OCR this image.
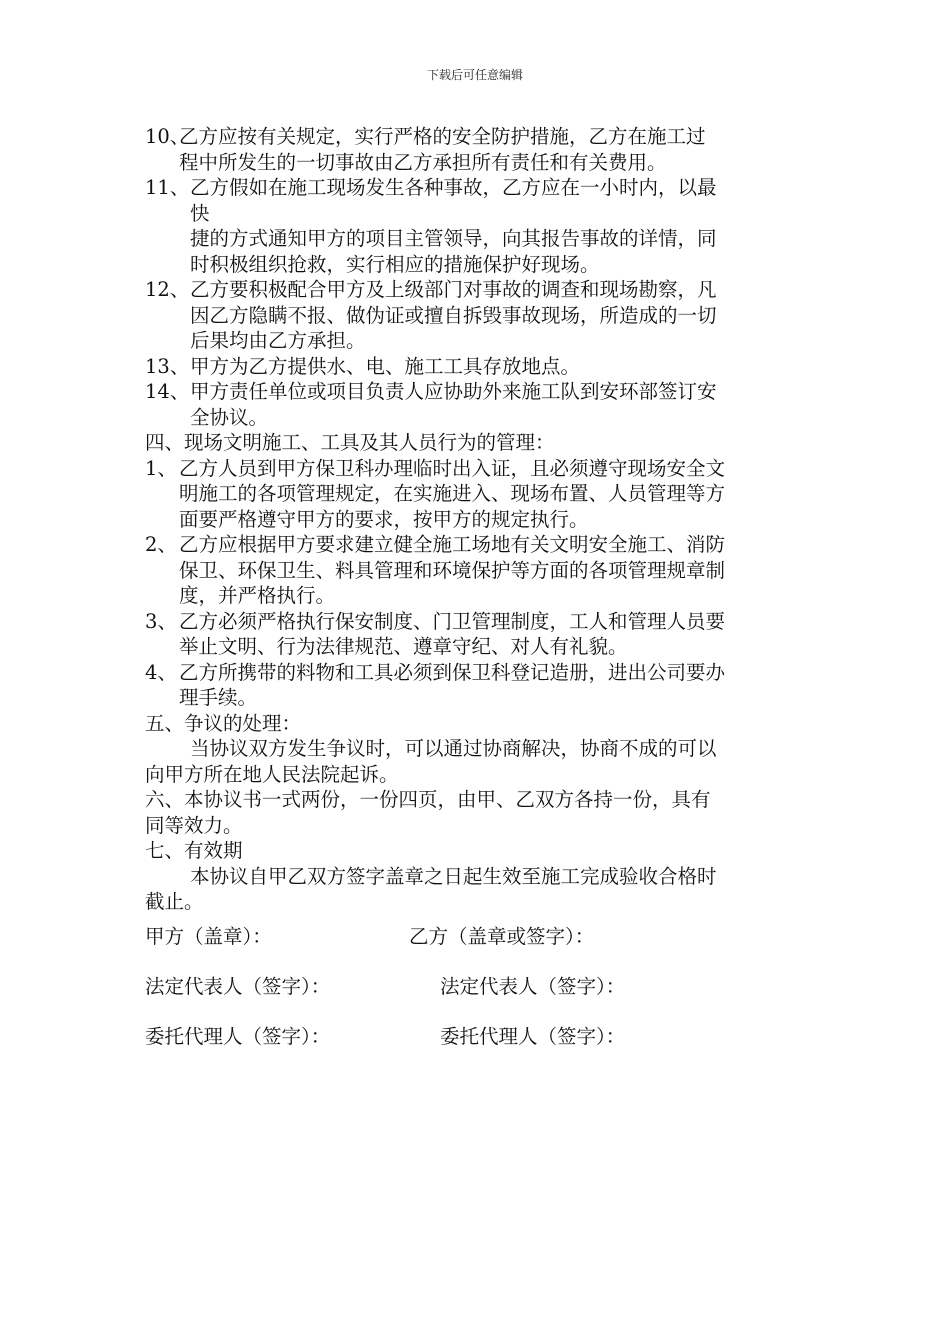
下载后可任意编辑
10、
乙方应按有关规定，实行严格的安全防护措施，乙方在施工过
程中所发生的一切事故由乙方承担所有责任和有关费用。
11、 乙方假如在施工现场发生各种事故，乙方应在一小时内，以最
快
捷的方式通知甲方的项目主管领导，向其报告事故的详情，同
时积极组织抢救，实行相应的措施保护好现场。
12、 乙方要积极配合甲方及上级部门对事故的调查和现场勘察，凡
因乙方隐瞒不报、做伪证或擅自拆毁事故现场，所造成的一切
后果均由乙方承担。
13、 甲方为乙方提供水、电、施工工具存放地点。
14、 甲方责任单位或项目负责人应协助外来施工队到安环部签订安
全协议。
四、现场文明施工、工具及其人员行为的管理：
1、 乙方人员到甲方保卫科办理临时出入证，且必须遵守现场安全文
明施工的各项管理规定，在实施进入、现场布置、人员管理等方
面要严格遵守甲方的要求，按甲方的规定执行。
2、 乙方应根据甲方要求建立健全施工场地有关文明安全施工、消防
保卫、环保卫生、料具管理和环境保护等方面的各项管理规章制
度，并严格执行。
3、 乙方必须严格执行保安制度、门卫管理制度，工人和管理人员要
举止文明、行为法律规范、遵章守纪、对人有礼貌。
4、 乙方所携带的料物和工具必须到保卫科登记造册，进出公司要办
理手续。
五、争议的处理：
当协议双方发生争议时，可以通过协商解决，协商不成的可以
向甲方所在地人民法院起诉。
六、本协议书一式两份，一份四页，由甲、乙双方各持一份，具有
同等效力。
七、有效期
本协议自甲乙双方签字盖章之日起生效至施工完成验收合格时
截止。
甲方（盖章）：	乙方（盖章或签字）：
法定代表人（签字）：	法定代表人（签字）：
委托代理人（签字）：	委托代理人（签字）：
